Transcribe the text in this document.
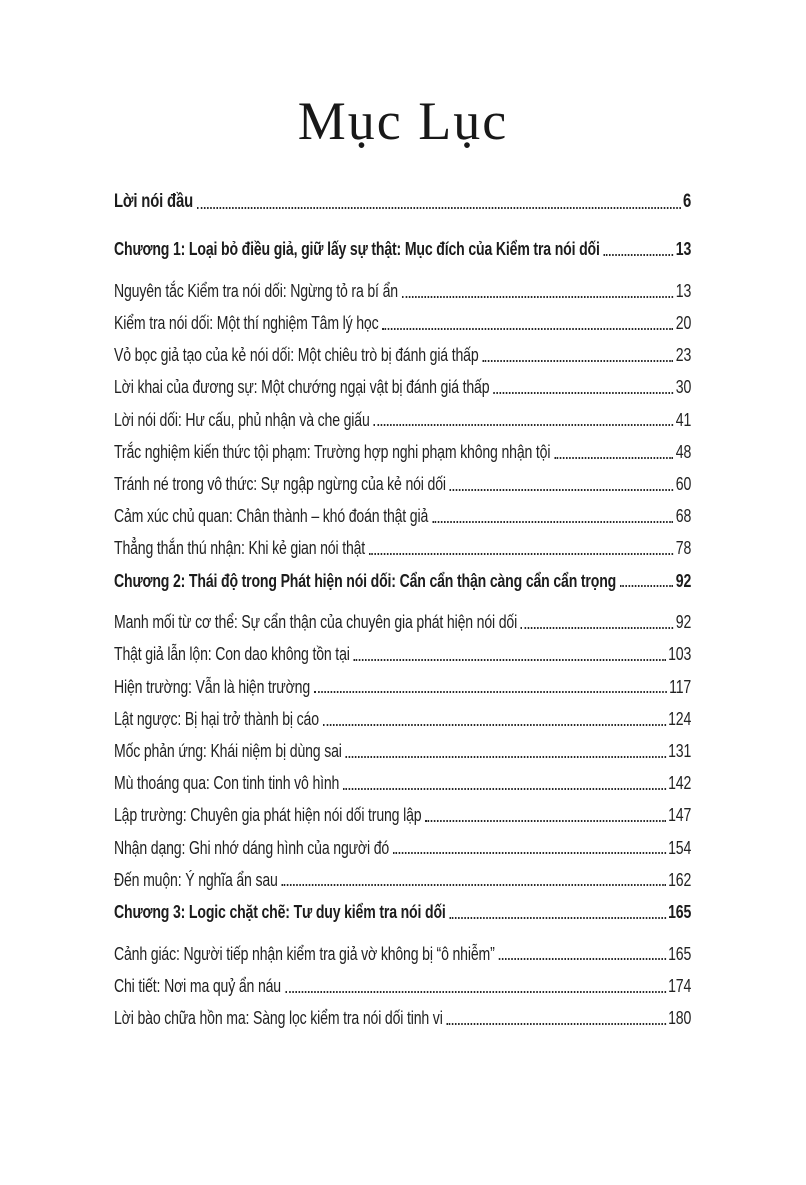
Mục Lục
Lời nói đầu	6
Chương 1: Loại bỏ điều giả, giữ lấy sự thật: Mục đích của Kiểm tra nói dối	13
Nguyên tắc Kiểm tra nói dối: Ngừng tỏ ra bí ẩn	13
Kiểm tra nói dối: Một thí nghiệm Tâm lý học	20
Vỏ bọc giả tạo của kẻ nói dối: Một chiêu trò bị đánh giá thấp	23
Lời khai của đương sự: Một chướng ngại vật bị đánh giá thấp	30
Lời nói dối: Hư cấu, phủ nhận và che giấu	41
Trắc nghiệm kiến thức tội phạm: Trường hợp nghi phạm không nhận tội	48
Tránh né trong vô thức: Sự ngập ngừng của kẻ nói dối	60
Cảm xúc chủ quan: Chân thành – khó đoán thật giả	68
Thẳng thắn thú nhận: Khi kẻ gian nói thật	78
Chương 2: Thái độ trong Phát hiện nói dối: Cẩn cẩn thận càng cẩn cẩn trọng	92
Manh mối từ cơ thể: Sự cẩn thận của chuyên gia phát hiện nói dối	92
Thật giả lẫn lộn: Con dao không tồn tại	103
Hiện trường: Vẫn là hiện trường	117
Lật ngược: Bị hại trở thành bị cáo	124
Mốc phản ứng: Khái niệm bị dùng sai	131
Mù thoáng qua: Con tinh tinh vô hình	142
Lập trường: Chuyên gia phát hiện nói dối trung lập	147
Nhận dạng: Ghi nhớ dáng hình của người đó	154
Đến muộn: Ý nghĩa ẩn sau	162
Chương 3: Logic chặt chẽ: Tư duy kiểm tra nói dối	165
Cảnh giác: Người tiếp nhận kiểm tra giả vờ không bị “ô nhiễm”	165
Chi tiết: Nơi ma quỷ ẩn náu	174
Lời bào chữa hồn ma: Sàng lọc kiểm tra nói dối tinh vi	180
